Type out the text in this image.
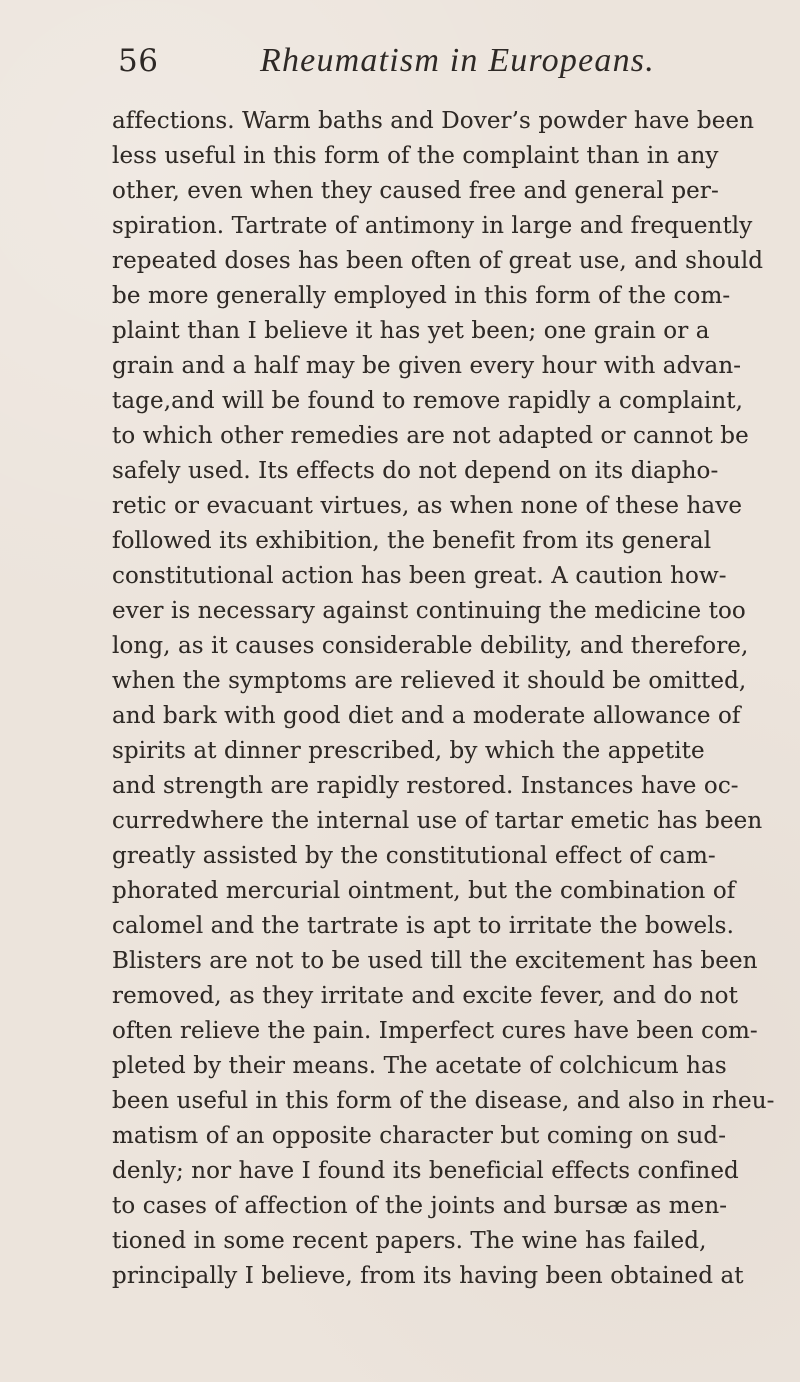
56	Rheumatism in Europeans.
affections. Warm baths and Dover’s powder have been
less useful in this form of the complaint than in any
other, even when they caused free and general per-
spiration. Tartrate of antimony in large and frequently
repeated doses has been often of great use, and should
be more generally employed in this form of the com-
plaint than I believe it has yet been; one grain or a
grain and a half may be given every hour with advan-
tage,and will be found to remove rapidly a complaint,
to which other remedies are not adapted or cannot be
safely used. Its effects do not depend on its diapho-
retic or evacuant virtues, as when none of these have
followed its exhibition, the benefit from its general
constitutional action has been great. A caution how-
ever is necessary against continuing the medicine too
long, as it causes considerable debility, and therefore,
when the symptoms are relieved it should be omitted,
and bark with good diet and a moderate allowance of
spirits at dinner prescribed, by which the appetite
and strength are rapidly restored. Instances have oc-
curredwhere the internal use of tartar emetic has been
greatly assisted by the constitutional effect of cam-
phorated mercurial ointment, but the combination of
calomel and the tartrate is apt to irritate the bowels.
Blisters are not to be used till the excitement has been
removed, as they irritate and excite fever, and do not
often relieve the pain. Imperfect cures have been com-
pleted by their means. The acetate of colchicum has
been useful in this form of the disease, and also in rheu-
matism of an opposite character but coming on sud-
denly; nor have I found its beneficial effects confined
to cases of affection of the joints and bursæ as men-
tioned in some recent papers. The wine has failed,
principally I believe, from its having been obtained at
